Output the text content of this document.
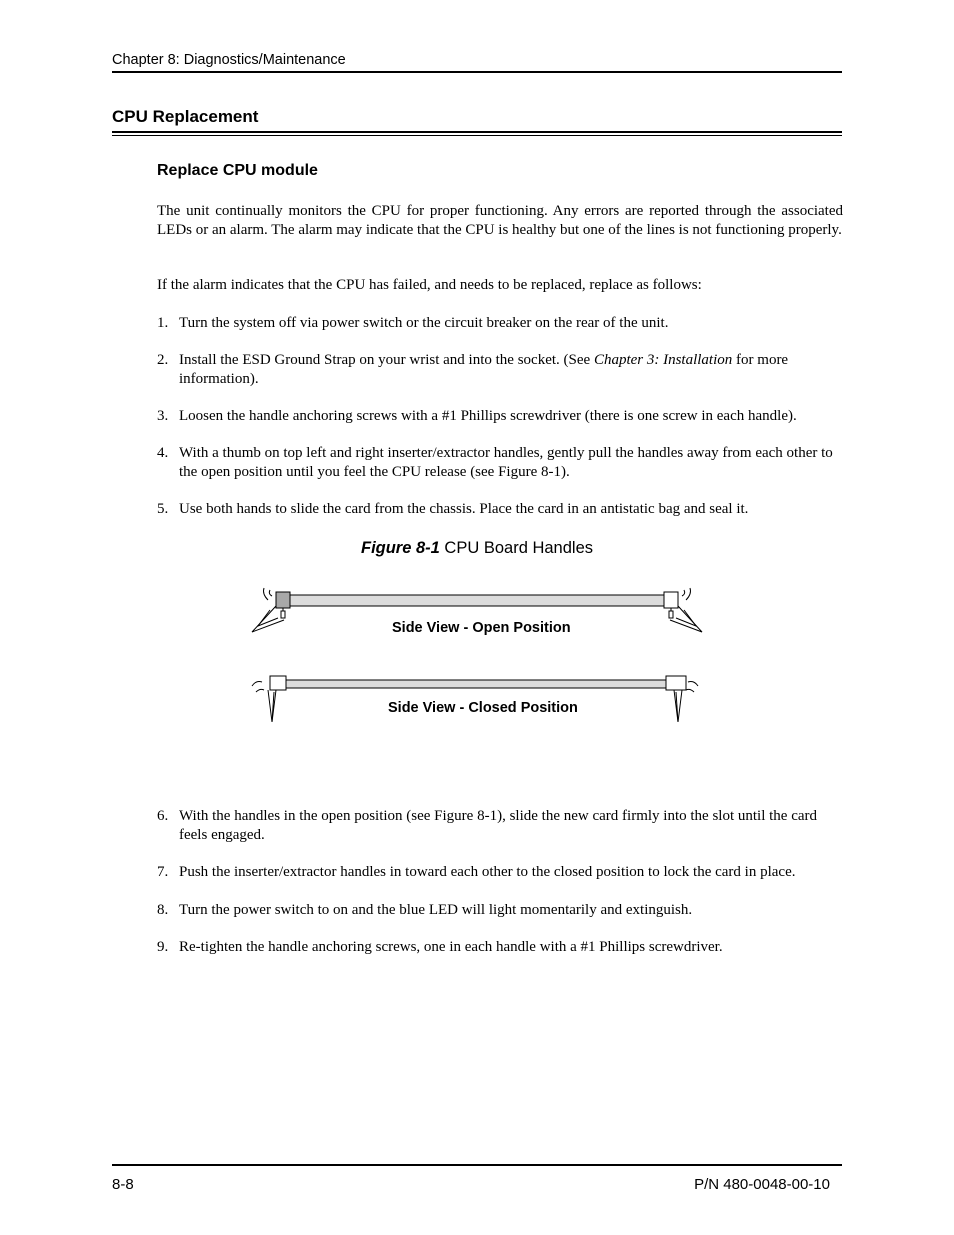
Chapter 8: Diagnostics/Maintenance
CPU Replacement
Replace CPU module
The unit continually monitors the CPU for proper functioning. Any errors are reported through the associated LEDs or an alarm. The alarm may indicate that the CPU is healthy but one of the lines is not functioning properly.
If the alarm indicates that the CPU has failed, and needs to be replaced, replace as follows:
1. Turn the system off via power switch or the circuit breaker on the rear of the unit.
2. Install the ESD Ground Strap on your wrist and into the socket. (See Chapter 3: Installation for more information).
3. Loosen the handle anchoring screws with a #1 Phillips screwdriver (there is one screw in each handle).
4. With a thumb on top left and right inserter/extractor handles, gently pull the handles away from each other to the open position until you feel the CPU release (see Figure 8-1).
5. Use both hands to slide the card from the chassis. Place the card in an antistatic bag and seal it.
Figure 8-1 CPU Board Handles
Side View - Open Position
Side View - Closed Position
6. With the handles in the open position (see Figure 8-1), slide the new card firmly into the slot until the card feels engaged.
7. Push the inserter/extractor handles in toward each other to the closed position to lock the card in place.
8. Turn the power switch to on and the blue LED will light momentarily and extinguish.
9. Re-tighten the handle anchoring screws, one in each handle with a #1 Phillips screwdriver.
8-8	P/N 480-0048-00-10
